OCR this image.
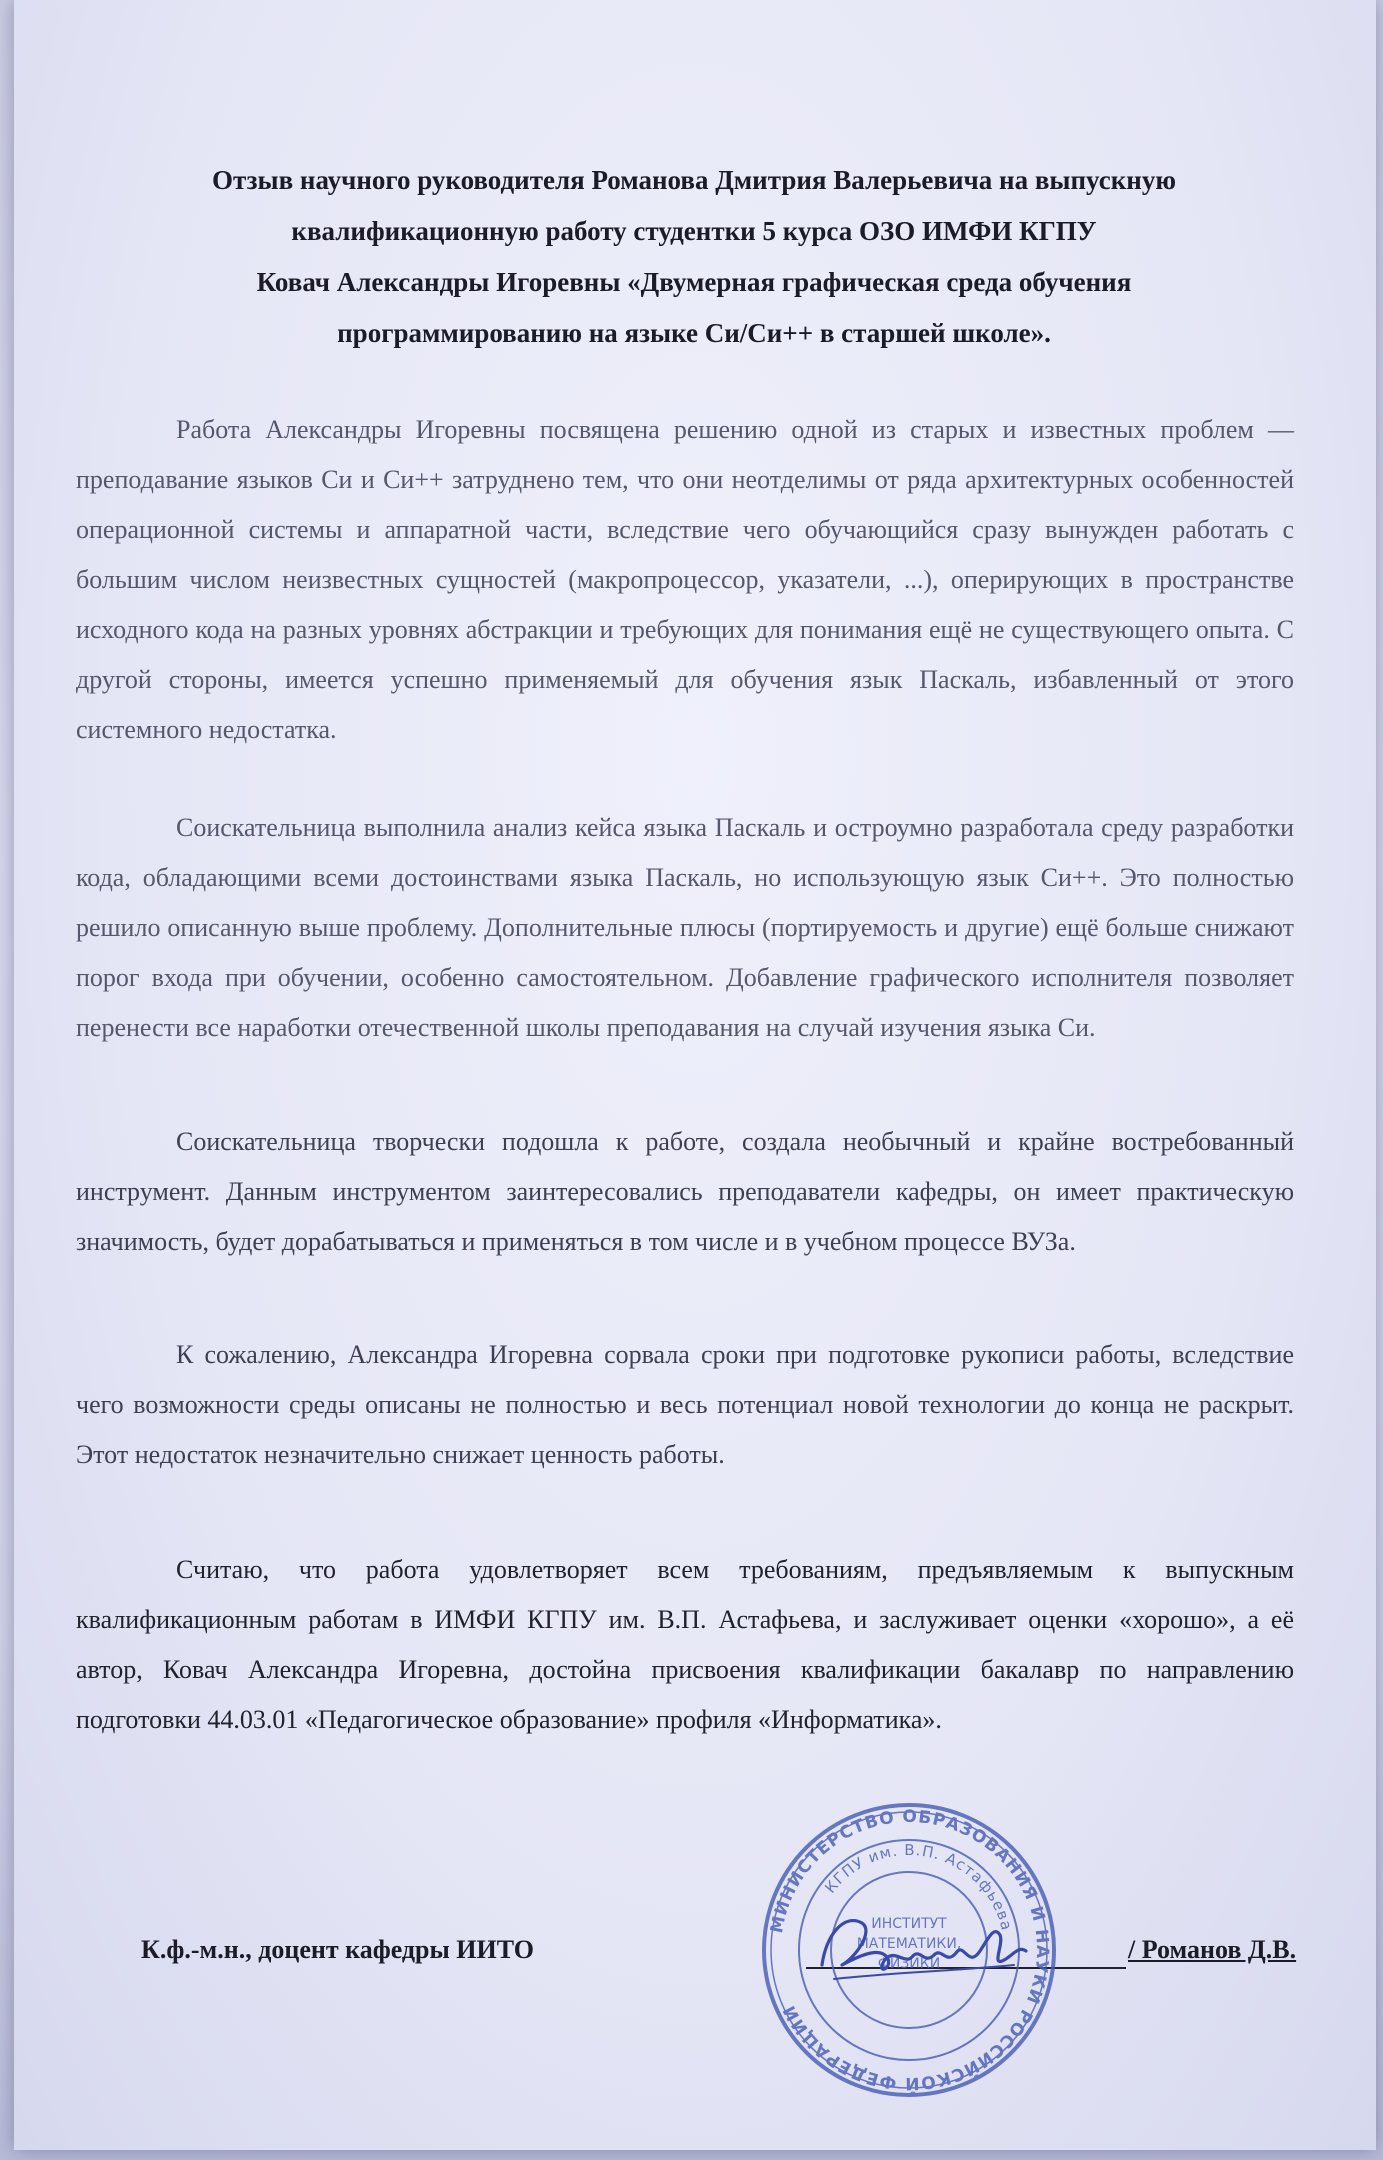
Отзыв научного руководителя Романова Дмитрия Валерьевича на выпускную
квалификационную работу студентки 5 курса ОЗО ИМФИ КГПУ
Ковач Александры Игоревны «Двумерная графическая среда обучения
программированию на языке Си/Си++ в старшей школе».

Работа Александры Игоревны посвящена решению одной из старых и известных проблем — преподавание языков Си и Си++ затруднено тем, что они неотделимы от ряда архитектурных особенностей операционной системы и аппаратной части, вследствие чего обучающийся сразу вынужден работать с большим числом неизвестных сущностей (макропроцессор, указатели, ...), оперирующих в пространстве исходного кода на разных уровнях абстракции и требующих для понимания ещё не существующего опыта. С другой стороны, имеется успешно применяемый для обучения язык Паскаль, избавленный от этого системного недостатка.

Соискательница выполнила анализ кейса языка Паскаль и остроумно разработала среду разработки кода, обладающими всеми достоинствами языка Паскаль, но использующую язык Си++. Это полностью решило описанную выше проблему. Дополнительные плюсы (портируемость и другие) ещё больше снижают порог входа при обучении, особенно самостоятельном. Добавление графического исполнителя позволяет перенести все наработки отечественной школы преподавания на случай изучения языка Си.

Соискательница творчески подошла к работе, создала необычный и крайне востребованный инструмент. Данным инструментом заинтересовались преподаватели кафедры, он имеет практическую значимость, будет дорабатываться и применяться в том числе и в учебном процессе ВУЗа.

К сожалению, Александра Игоревна сорвала сроки при подготовке рукописи работы, вследствие чего возможности среды описаны не полностью и весь потенциал новой технологии до конца не раскрыт. Этот недостаток незначительно снижает ценность работы.

Считаю, что работа удовлетворяет всем требованиям, предъявляемым к выпускным квалификационным работам в ИМФИ КГПУ им. В.П. Астафьева, и заслуживает оценки «хорошо», а её автор, Ковач Александра Игоревна, достойна присвоения квалификации бакалавр по направлению подготовки 44.03.01 «Педагогическое образование» профиля «Информатика».

К.ф.-м.н., доцент кафедры ИИТО	/ Романов Д.В.
МИНИСТЕРСТВО ОБРАЗОВАНИЯ И НАУКИ РОССИЙСКОЙ ФЕДЕРАЦИИ
КГПУ им. В.П. Астафьева
ИНСТИТУТ
МАТЕМАТИКИ,
ФИЗИКИ
